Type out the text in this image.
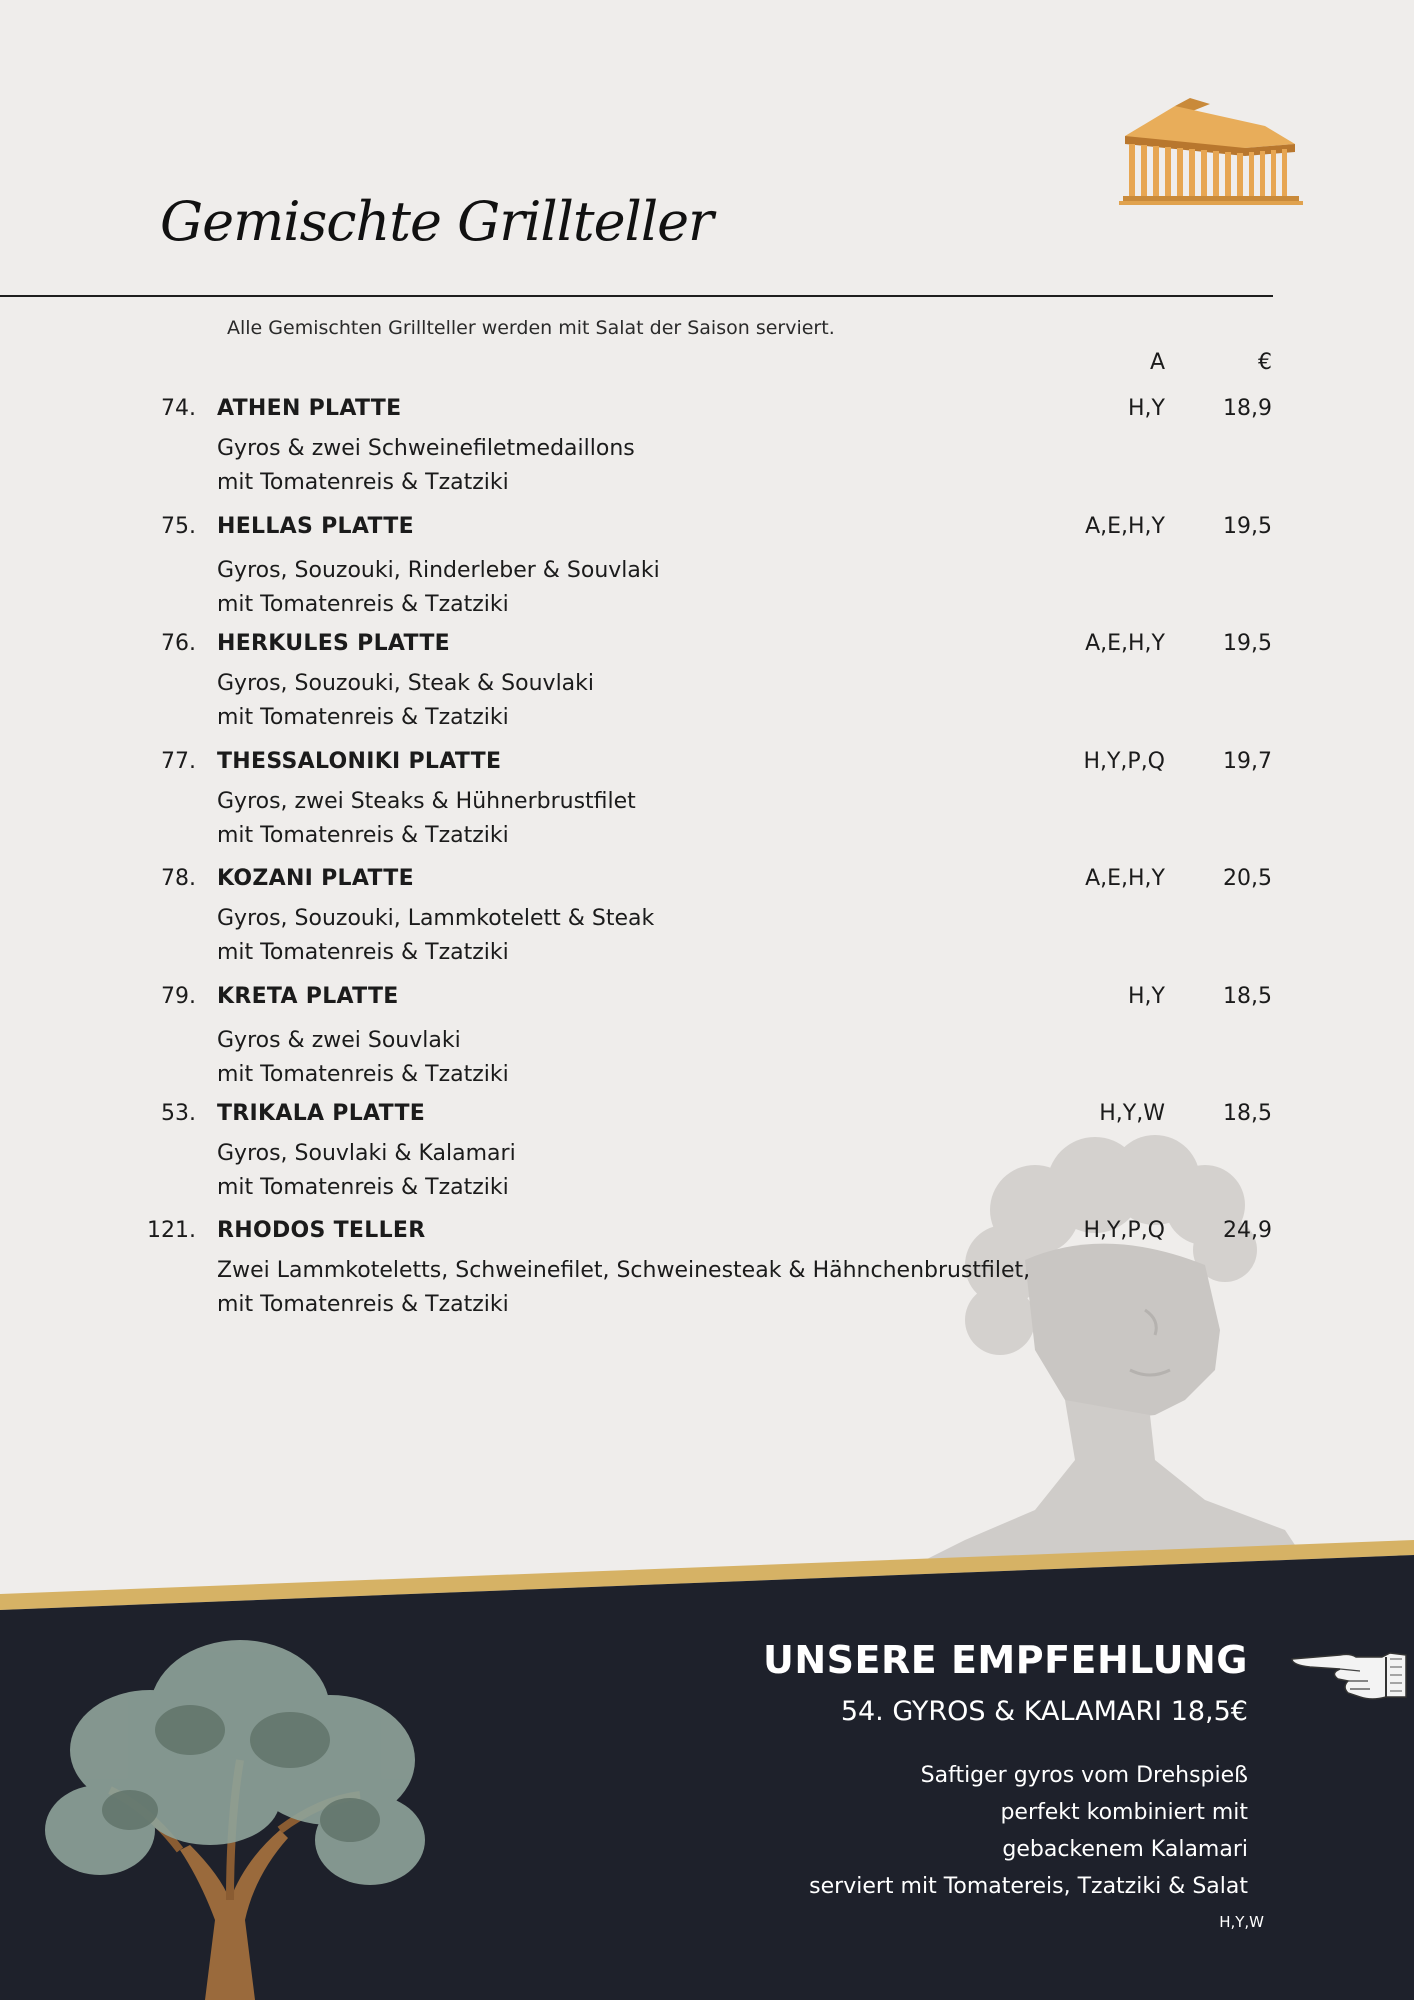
Gemischte Grillteller
Alle Gemischten Grillteller werden mit Salat der Saison serviert.
A	€
74. ATHEN PLATTE	H,Y	18,9
Gyros & zwei Schweinefiletmedaillons
mit Tomatenreis & Tzatziki
75. HELLAS PLATTE	A,E,H,Y	19,5
Gyros, Souzouki, Rinderleber & Souvlaki
mit Tomatenreis & Tzatziki
76. HERKULES PLATTE	A,E,H,Y	19,5
Gyros, Souzouki, Steak & Souvlaki
mit Tomatenreis & Tzatziki
77. THESSALONIKI PLATTE	H,Y,P,Q	19,7
Gyros, zwei Steaks & Hühnerbrustfilet
mit Tomatenreis & Tzatziki
78. KOZANI PLATTE	A,E,H,Y	20,5
Gyros, Souzouki, Lammkotelett & Steak
mit Tomatenreis & Tzatziki
79. KRETA PLATTE	H,Y	18,5
Gyros & zwei Souvlaki
mit Tomatenreis & Tzatziki
53. TRIKALA PLATTE	H,Y,W	18,5
Gyros, Souvlaki & Kalamari
mit Tomatenreis & Tzatziki
121. RHODOS TELLER	H,Y,P,Q	24,9
Zwei Lammkoteletts, Schweinefilet, Schweinesteak & Hähnchenbrustfilet,
mit Tomatenreis & Tzatziki
UNSERE EMPFEHLUNG
54. GYROS & KALAMARI 18,5€
Saftiger gyros vom Drehspieß
perfekt kombiniert mit
gebackenem Kalamari
serviert mit Tomatereis, Tzatziki & Salat
H,Y,W
